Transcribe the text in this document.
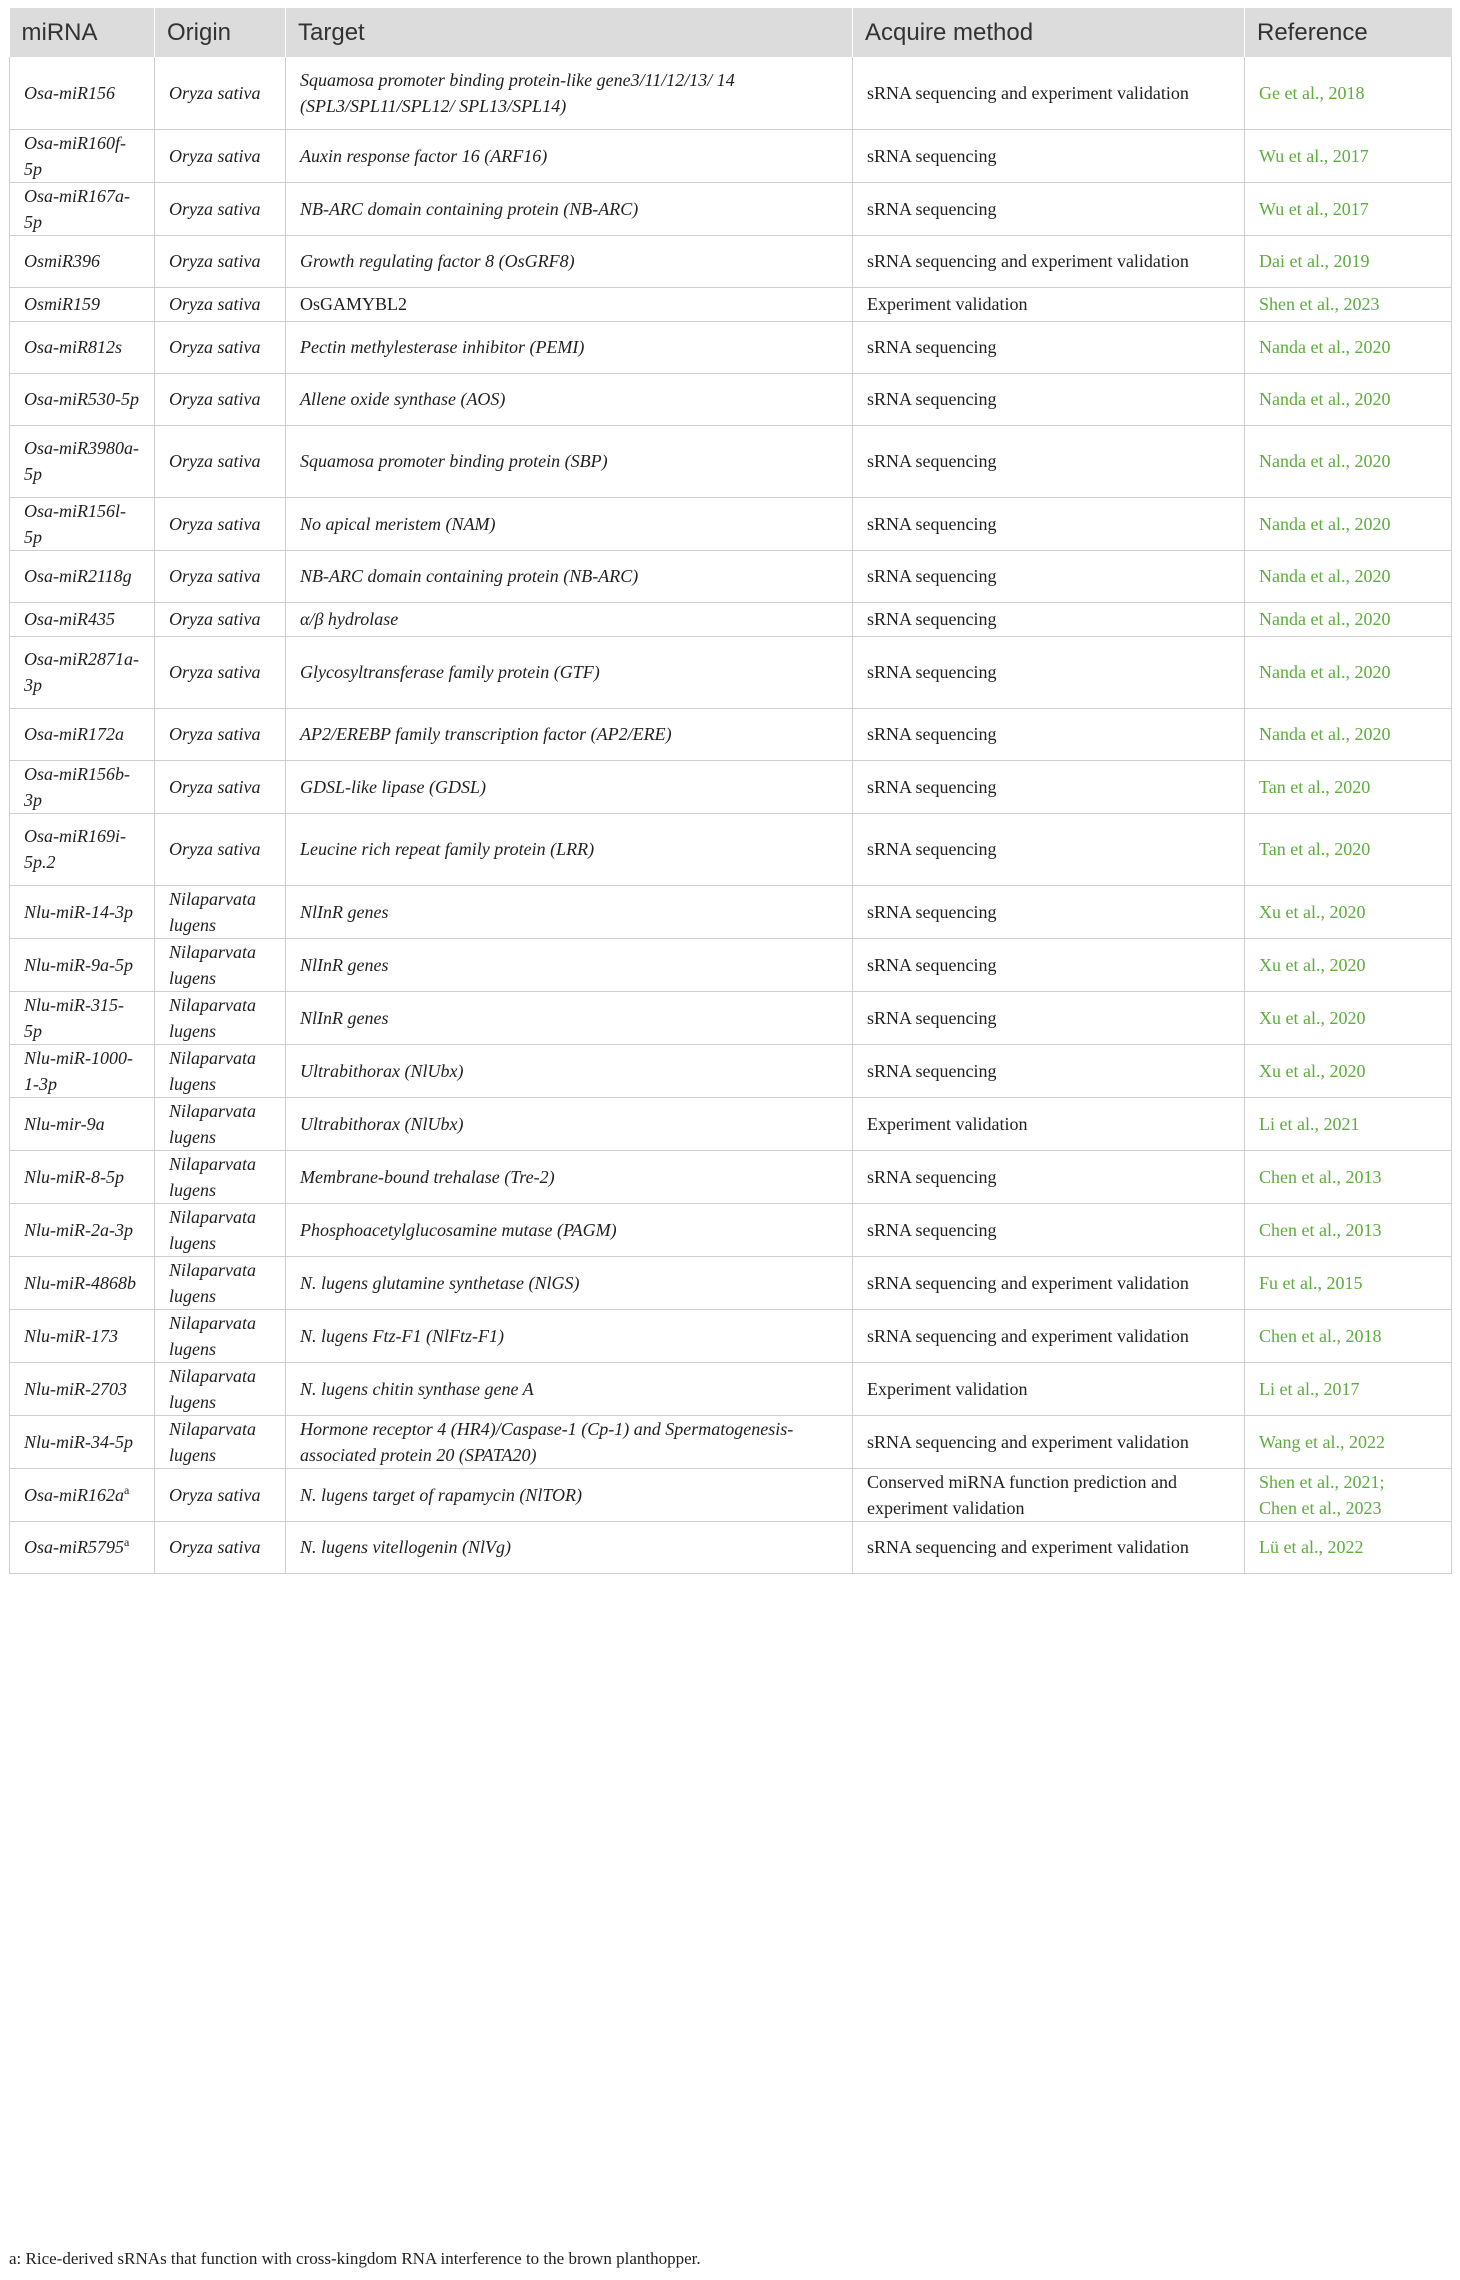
miRNA	Origin	Target	Acquire method	Reference
Osa-miR156	Oryza sativa	Squamosa promoter binding protein-like gene3/11/12/13/ 14 (SPL3/SPL11/SPL12/ SPL13/SPL14)	sRNA sequencing and experiment validation	Ge et al., 2018

Osa-miR160f-5p	Oryza sativa	Auxin response factor 16 (ARF16)	sRNA sequencing	Wu et al., 2017

Osa-miR167a-5p	Oryza sativa	NB-ARC domain containing protein (NB-ARC)	sRNA sequencing	Wu et al., 2017

OsmiR396	Oryza sativa	Growth regulating factor 8 (OsGRF8)	sRNA sequencing and experiment validation	Dai et al., 2019

OsmiR159	Oryza sativa	OsGAMYBL2	Experiment validation	Shen et al., 2023

Osa-miR812s	Oryza sativa	Pectin methylesterase inhibitor (PEMI)	sRNA sequencing	Nanda et al., 2020

Osa-miR530-5p	Oryza sativa	Allene oxide synthase (AOS)	sRNA sequencing	Nanda et al., 2020

Osa-miR3980a-5p	Oryza sativa	Squamosa promoter binding protein (SBP)	sRNA sequencing	Nanda et al., 2020

Osa-miR156l-5p	Oryza sativa	No apical meristem (NAM)	sRNA sequencing	Nanda et al., 2020

Osa-miR2118g	Oryza sativa	NB-ARC domain containing protein (NB-ARC)	sRNA sequencing	Nanda et al., 2020

Osa-miR435	Oryza sativa	α/β hydrolase	sRNA sequencing	Nanda et al., 2020

Osa-miR2871a-3p	Oryza sativa	Glycosyltransferase family protein (GTF)	sRNA sequencing	Nanda et al., 2020

Osa-miR172a	Oryza sativa	AP2/EREBP family transcription factor (AP2/ERE)	sRNA sequencing	Nanda et al., 2020

Osa-miR156b-3p	Oryza sativa	GDSL-like lipase (GDSL)	sRNA sequencing	Tan et al., 2020

Osa-miR169i-5p.2	Oryza sativa	Leucine rich repeat family protein (LRR)	sRNA sequencing	Tan et al., 2020

Nlu-miR-14-3p	Nilaparvata lugens	NlInR genes	sRNA sequencing	Xu et al., 2020

Nlu-miR-9a-5p	Nilaparvata lugens	NlInR genes	sRNA sequencing	Xu et al., 2020

Nlu-miR-315-5p	Nilaparvata lugens	NlInR genes	sRNA sequencing	Xu et al., 2020

Nlu-miR-1000-1-3p	Nilaparvata lugens	Ultrabithorax (NlUbx)	sRNA sequencing	Xu et al., 2020

Nlu-mir-9a	Nilaparvata lugens	Ultrabithorax (NlUbx)	Experiment validation	Li et al., 2021

Nlu-miR-8-5p	Nilaparvata lugens	Membrane-bound trehalase (Tre-2)	sRNA sequencing	Chen et al., 2013

Nlu-miR-2a-3p	Nilaparvata lugens	Phosphoacetylglucosamine mutase (PAGM)	sRNA sequencing	Chen et al., 2013

Nlu-miR-4868b	Nilaparvata lugens	N. lugens glutamine synthetase (NlGS)	sRNA sequencing and experiment validation	Fu et al., 2015

Nlu-miR-173	Nilaparvata lugens	N. lugens Ftz-F1 (NlFtz-F1)	sRNA sequencing and experiment validation	Chen et al., 2018

Nlu-miR-2703	Nilaparvata lugens	N. lugens chitin synthase gene A	Experiment validation	Li et al., 2017

Nlu-miR-34-5p	Nilaparvata lugens	Hormone receptor 4 (HR4)/Caspase-1 (Cp-1) and Spermatogenesis-associated protein 20 (SPATA20)	sRNA sequencing and experiment validation	Wang et al., 2022

Osa-$miR162a^a$	Oryza sativa	N. lugens target of rapamycin (NlTOR)	Conserved miRNA function prediction and experiment validation	Shen et al., 2021;
Chen et al., 2023

Osa-miR5795$^a$	Oryza sativa	N. lugens vitellogenin (NlVg)	sRNA sequencing and experiment validation	Lü et al., 2022
a: Rice-derived sRNAs that function with cross-kingdom RNA interference to the brown planthopper.
